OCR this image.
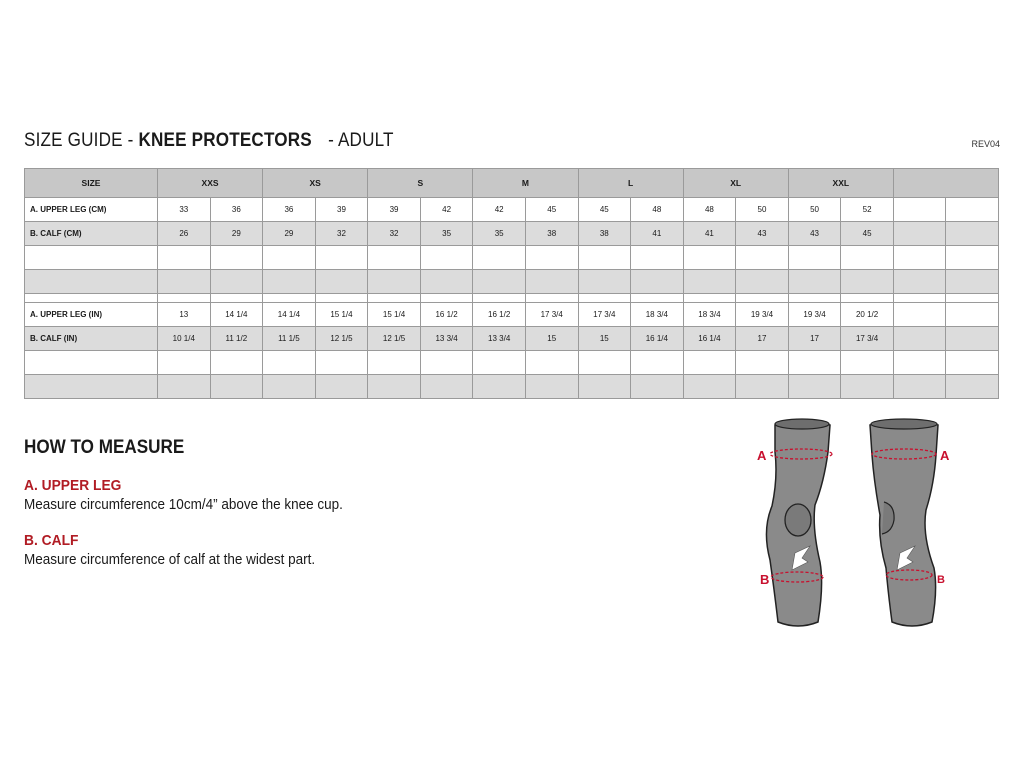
SIZE GUIDE - KNEE PROTECTORS - ADULT	REV04
SIZE	XXS		XS		S		M		L		XL		XXL			
A. UPPER LEG (CM)	33	36	36	39	39	42	42	45	45	48	48	50	50	52		
B. CALF (CM)	26	29	29	32	32	35	35	38	38	41	41	43	43	45		

A. UPPER LEG (IN)	13	14 1/4	14 1/4	15 1/4	15 1/4	16 1/2	16 1/2	17 3/4	17 3/4	18 3/4	18 3/4	19 3/4	19 3/4	20 1/2		
B. CALF (IN)	10 1/4	11 1/2	11 1/5	12 1/5	12 1/5	13 3/4	13 3/4	15	15	16 1/4	16 1/4	17	17	17 3/4		

HOW TO MEASURE

A. UPPER LEG

Measure circumference 10cm/4” above the knee cup.

B. CALF

Measure circumference of calf at the widest part.

A
B
A
B
